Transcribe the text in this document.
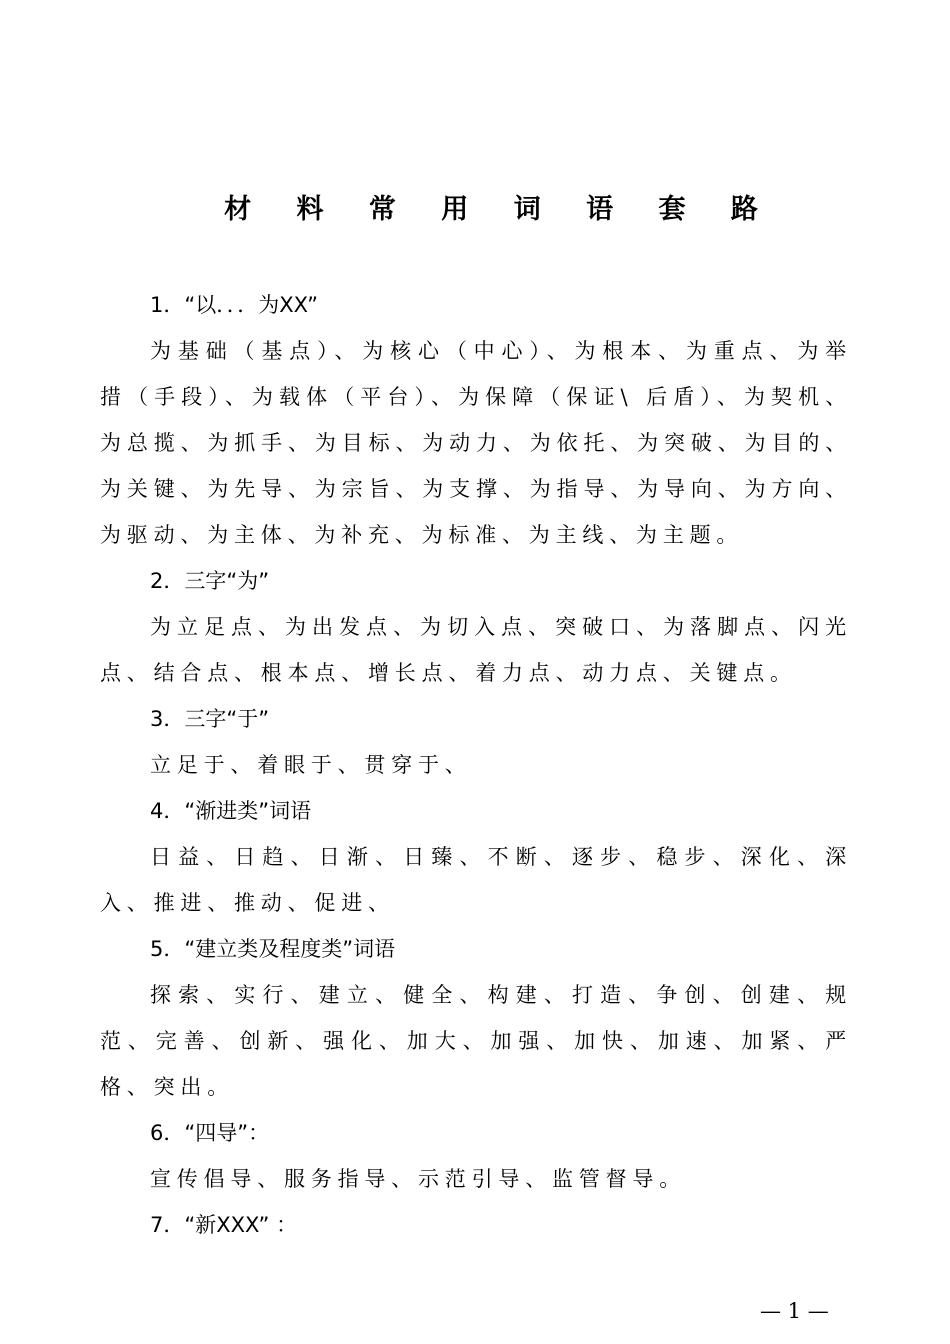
材 料 常 用 词 语 套 路

1．“以．．．为XX”

为基础（基点）、为核心（中心）、为根本、为重点、为举措（手段）、为载体（平台）、为保障（保证\ 后盾）、为契机、为总揽、为抓手、为目标、为动力、为依托、为突破、为目的、为关键、为先导、为宗旨、为支撑、为指导、为导向、为方向、为驱动、为主体、为补充、为标准、为主线、为主题。

2．三字“为”

为立足点、为出发点、为切入点、突破口、为落脚点、闪光点、结合点、根本点、增长点、着力点、动力点、关键点。

3．三字“于”

立足于、着眼于、贯穿于、

4．“渐进类”词语

日益、日趋、日渐、日臻、不断、逐步、稳步、深化、深入、推进、推动、促进、

5．“建立类及程度类”词语

探索、实行、建立、健全、构建、打造、争创、创建、规范、完善、创新、强化、加大、加强、加快、加速、加紧、严格、突出。

6．“四导”：

宣传倡导、服务指导、示范引导、监管督导。

7．“新XXX” ：

— 1 —
